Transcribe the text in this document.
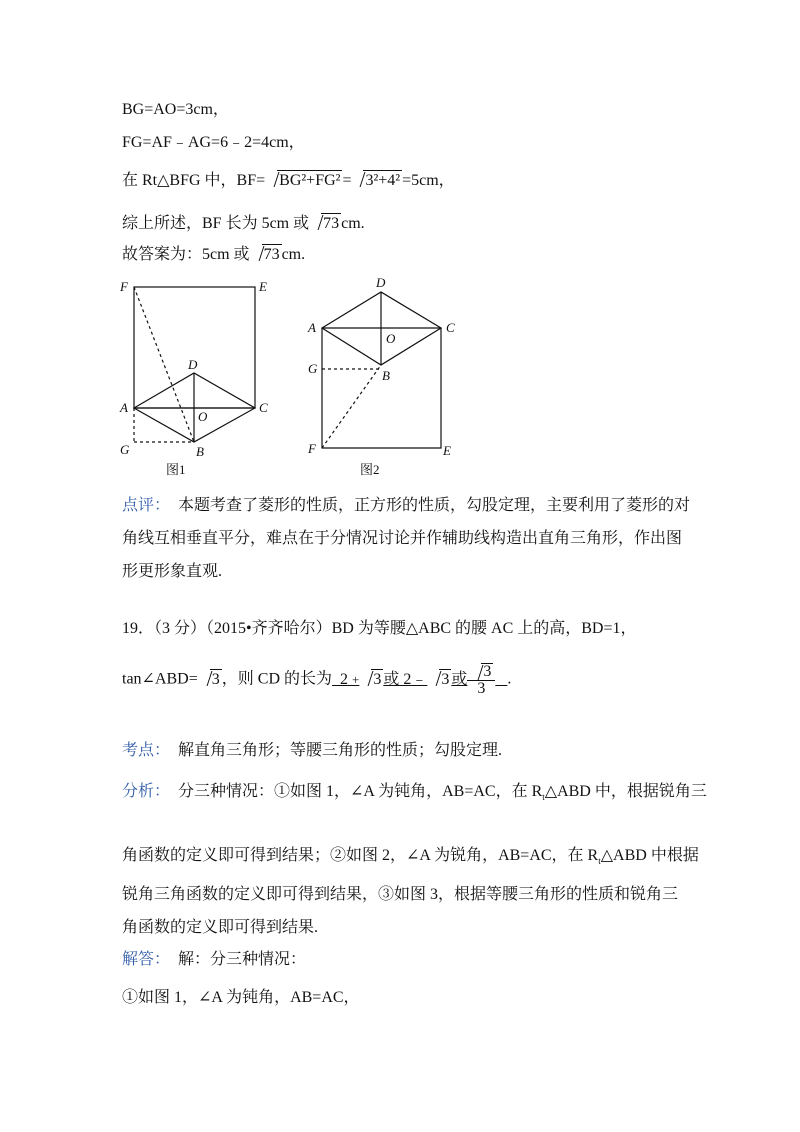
BG=AO=3cm，
FG=AF﹣AG=6﹣2=4cm，
在 Rt△BFG 中，BF= BG²+FG² = 3²+4² =5cm，
综上所述，BF 长为 5cm 或 73 cm.
故答案为：5cm 或 73 cm.
F	E
D
A
O
C
G	B
图1
D
A
O
C
G	B
F	E
图2
点评： 本题考查了菱形的性质，正方形的性质，勾股定理，主要利用了菱形的对
角线互相垂直平分，难点在于分情况讨论并作辅助线构造出直角三角形，作出图
形更形象直观.
19．（3 分）（2015•齐齐哈尔）BD 为等腰△ABC 的腰 AC 上的高，BD=1，
tan∠ABD= 3 ，则 CD 的长为 2 + 3 或 2﹣ 3 或 $\frac{3}{3}$ .
考点： 解直角三角形；等腰三角形的性质；勾股定理.
分析： 分三种情况：①如图 1，∠A 为钝角，AB=AC，在 $R_t\triangle ABD$ 中，根据锐角三
角函数的定义即可得到结果；②如图 2，∠A 为锐角，AB=AC，在 $R_t\triangle ABD$ 中根据
锐角三角函数的定义即可得到结果，③如图 3，根据等腰三角形的性质和锐角三
角函数的定义即可得到结果.
解答： 解：分三种情况：
①如图 1，∠A 为钝角，AB=AC，
